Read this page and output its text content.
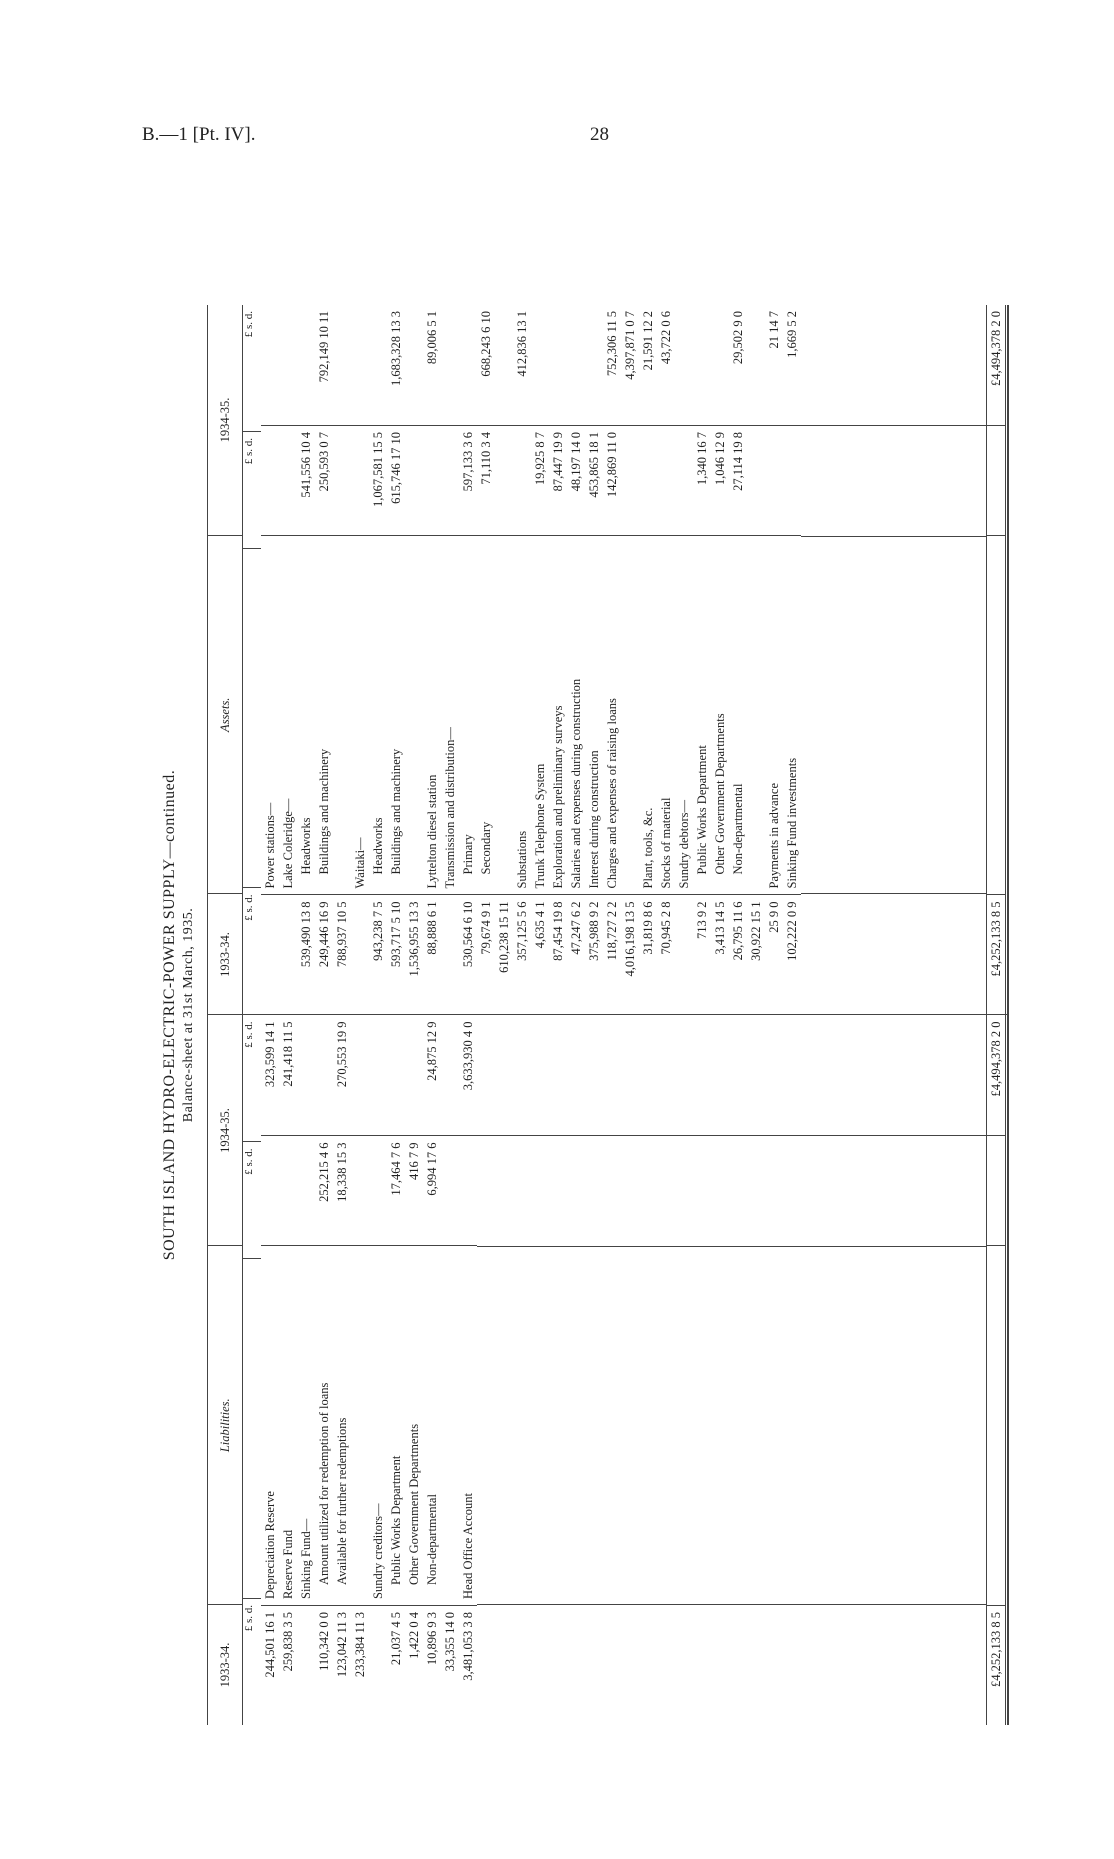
B.—1 [Pt. IV].	28
SOUTH ISLAND HYDRO-ELECTRIC-POWER SUPPLY—continued. Balance-sheet at 31st March, 1935.
1933-34.
Liabilities.
1934-35.
£ s. d.
£ s. d.
£ s. d.
244,501 16 1
Depreciation Reserve
323,599 14 1
259,838 3 5
Reserve Fund
241,418 11 5
Sinking Fund—
110,342 0 0
Amount utilized for redemption of loans
252,215 4 6
123,042 11 3
Available for further redemptions
18,338 15 3
270,553 19 9
233,384 11 3
Sundry creditors—
21,037 4 5
Public Works Department
17,464 7 6
1,422 0 4
Other Government Departments
416 7 9
10,896 9 3
Non-departmental
6,994 17 6
24,875 12 9
33,355 14 0 3,481,053 3 8
Head Office Account
3,633,930 4 0
£4,252,133 8 5
£4,494,378 2 0
1933-34.
Assets.
1934-35.
£ s. d.
£ s. d.
£ s. d.
Power stations— Lake Coleridge—
539,490 13 8
Headworks
541,556 10 4
249,446 16 9
Buildings and machinery
250,593 0 7
792,149 10 11
788,937 10 5
Waitaki—
943,238 7 5
Headworks
1,067,581 15 5
593,717 5 10
Buildings and machinery
615,746 17 10
1,683,328 13 3
1,536,955 13 3 88,888 6 1
Lyttelton diesel station
89,006 5 1
Transmission and distribution—
530,564 6 10
Primary
597,133 3 6
79,674 9 1
Secondary
71,110 3 4
668,243 6 10
610,238 15 11 357,125 5 6
Substations
412,836 13 1
4,635 4 1
Trunk Telephone System
19,925 8 7
87,454 19 8
Exploration and preliminary surveys
87,447 19 9
47,247 6 2
Salaries and expenses during construction
48,197 14 0
375,988 9 2
Interest during construction
453,865 18 1
118,727 2 2
Charges and expenses of raising loans
142,869 11 0
752,306 11 5
4,016,198 13 5
4,397,871 0 7
31,819 8 6
Plant, tools, &c.
21,591 12 2
70,945 2 8
Stocks of material
43,722 0 6
Sundry debtors—
713 9 2
Public Works Department
1,340 16 7
3,413 14 5
Other Government Departments
1,046 12 9
26,795 11 6
Non-departmental
27,114 19 8
29,502 9 0
30,922 15 1 25 9 0
Payments in advance
21 14 7
102,222 0 9
Sinking Fund investments
1,669 5 2
£4,252,133 8 5
£4,494,378 2 0
